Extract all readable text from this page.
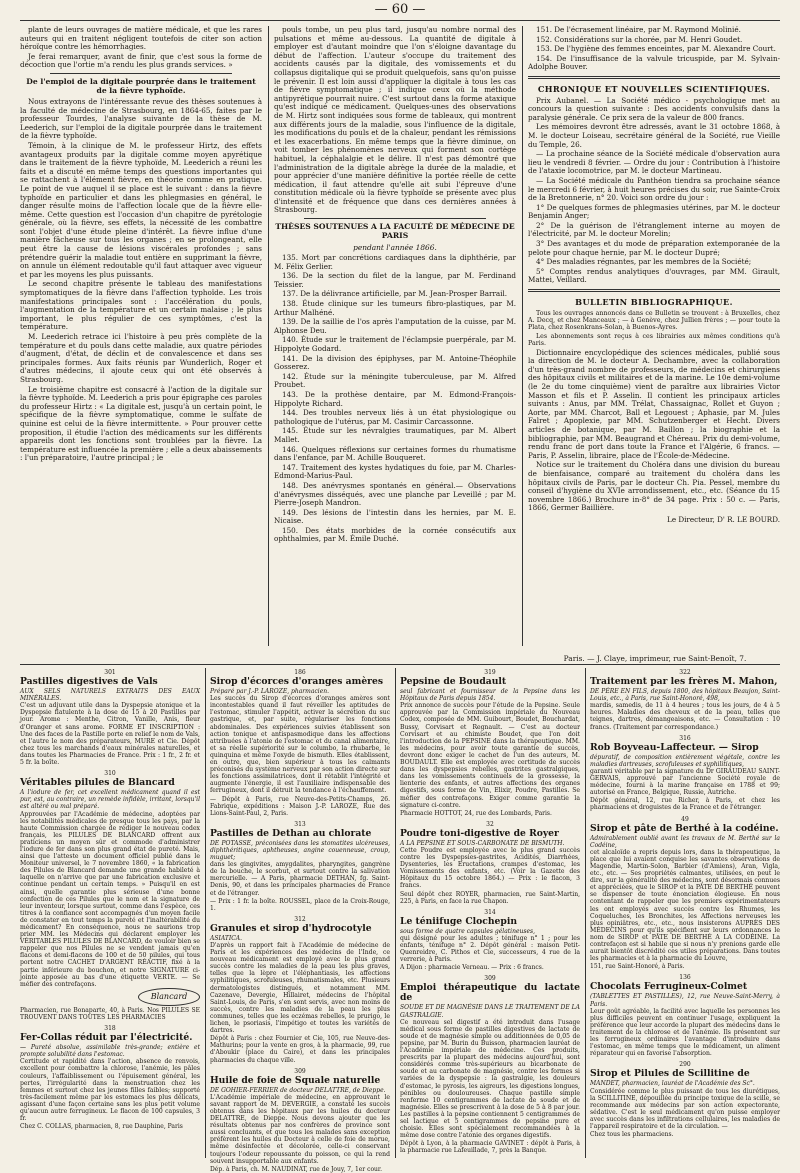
— 60 —

plante de leurs ouvrages de matière médicale, et que les rares auteurs qui en traitent négligent toutefois de citer son action héroïque contre les hémorrhagies.

Je ferai remarquer, avant de finir, que c'est sous la forme de décoction que l'ortie m'a rendu les plus grands services. »

De l'emploi de la digitale pourprée dans le traitement de la fièvre typhoïde.

Nous extrayons de l'intéressante revue des thèses soutenues à la faculté de médecine de Strasbourg, en 1864-65, faites par le professeur Tourdes, l'analyse suivante de la thèse de M. Leederich, sur l'emploi de la digitale pourprée dans le traitement de la fièvre typhoïde.

Témoin, à la clinique de M. le professeur Hirtz, des effets avantageux produits par la digitale comme moyen apyrétique dans le traitement de la fièvre typhoïde, M. Leederich a réuni les faits et a discuté en même temps des questions importantes qui se rattachent à l'élément fièvre, en théorie comme en pratique. Le point de vue auquel il se place est le suivant : dans la fièvre typhoïde en particulier et dans les phlegmasies en général, le danger résulte moins de l'affection locale que de la fièvre elle-même. Cette question est l'occasion d'un chapitre de pyrétologie générale, où la fièvre, ses effets, la nécessité de les combattre sont l'objet d'une étude pleine d'intérêt. La fièvre influe d'une manière fâcheuse sur tous les organes ; en se prolongeant, elle peut être la cause de lésions viscérales profondes ; sans prétendre guérir la maladie tout entière en supprimant la fièvre, on annule un élément redoutable qu'il faut attaquer avec vigueur et par les moyens les plus puissants.

Le second chapitre présente le tableau des manifestations symptomatiques de la fièvre dans l'affection typhoïde. Les trois manifestations principales sont : l'accélération du pouls, l'augmentation de la température et un certain malaise ; le plus important, le plus régulier de ces symptômes, c'est la température.

M. Leederich retrace ici l'histoire à peu près complète de la température et du pouls dans cette maladie, aux quatre périodes d'augment, d'état, de déclin et de convalescence et dans ses principales formes. Aux faits réunis par Wunderlich, Roger et d'autres médecins, il ajoute ceux qui ont été observés à Strasbourg.

Le troisième chapitre est consacré à l'action de la digitale sur la fièvre typhoïde. M. Leederich a pris pour épigraphe ces paroles du professeur Hirtz : « La digitale est, jusqu'à un certain point, le spécifique de la fièvre symptomatique, comme le sulfate de quinine est celui de la fièvre intermittente. » Pour prouver cette proposition, il étudie l'action des médicaments sur les différents appareils dont les fonctions sont troublées par la fièvre. La température est influencée la première ; elle a deux abaissements : l'un préparatoire, l'autre principal ; le

pouls tombe, un peu plus tard, jusqu'au nombre normal des pulsations et même au-dessous. La quantité de digitale à employer est d'autant moindre que l'on s'éloigne davantage du début de l'affection. L'auteur s'occupe du traitement des accidents causés par la digitale, des vomissements et du collapsus digitalique qui se produit quelquefois, sans qu'on puisse le prévenir. Il est loin aussi d'appliquer la digitale à tous les cas de fièvre symptomatique ; il indique ceux où la méthode antipyrétique pourrait nuire. C'est surtout dans la forme ataxique qu'est indiqué ce médicament. Quelques-unes des observations de M. Hirtz sont indiquées sous forme de tableaux, qui montrent aux différents jours de la maladie, sous l'influence de la digitale, les modifications du pouls et de la chaleur, pendant les rémissions et les exacerbations. En même temps que la fièvre diminue, on voit tomber les phénomènes nerveux qui forment son cortège habituel, la céphalalgie et le délire. Il n'est pas démontré que l'administration de la digitale abrège la durée de la maladie, et pour apprécier d'une manière définitive la portée réelle de cette médication, il faut attendre qu'elle ait subi l'épreuve d'une constitution médicale où la fièvre typhoïde se présente avec plus d'intensité et de fréquence que dans ces dernières années à Strasbourg.

THÈSES SOUTENUES A LA FACULTÉ DE MÉDECINE DE PARIS
pendant l'année 1866.

135. Mort par concrétions cardiaques dans la diphthérie, par M. Félix Gerlier.

136. De la section du filet de la langue, par M. Ferdinand Teissier.

137. De la délivrance artificielle, par M. Jean-Prosper Barrail.

138. Étude clinique sur les tumeurs fibro-plastiques, par M. Arthur Malhéné.

139. De la saillie de l'os après l'amputation de la cuisse, par M. Alphonse Deu.

140. Étude sur le traitement de l'éclampsie puerpérale, par M. Hippolyte Godard.

141. De la division des épiphyses, par M. Antoine-Théophile Gosserez.

142. Étude sur la méningite tuberculeuse, par M. Alfred Proubet.

143. De la prothèse dentaire, par M. Edmond-François-Hippolyte Richard.

144. Des troubles nerveux liés à un état physiologique ou pathologique de l'utérus, par M. Casimir Carcassonne.

145. Étude sur les névralgies traumatiques, par M. Albert Mallet.

146. Quelques réflexions sur certaines formes du rhumatisme dans l'enfance, par M. Achille Bouqueret.

147. Traitement des kystes hydatiques du foie, par M. Charles-Edmond-Marius-Paul.

148. Des anévrysmes spontanés en général.— Observations d'anévrysmes disséqués, avec une planche par Leveillé ; par M. Pierre-Joseph Mandron.

149. Des lésions de l'intestin dans les hernies, par M. E. Nicaise.

150. Des états morbides de la cornée consécutifs aux ophthalmies, par M. Émile Duché.

151. De l'écrasement linéaire, par M. Raymond Molinié.

152. Considérations sur la chorée, par M. Henri Goudet.

153. De l'hygiène des femmes enceintes, par M. Alexandre Court.

154. De l'insuffisance de la valvule tricuspide, par M. Sylvain-Adolphe Bouver.

CHRONIQUE ET NOUVELLES SCIENTIFIQUES.

Prix Aubanel. — La Société médico - psychologique met au concours la question suivante : Des accidents convulsifs dans la paralysie générale. Ce prix sera de la valeur de 800 francs.

Les mémoires devront être adressés, avant le 31 octobre 1868, à M. le docteur Loiseau, secrétaire général de la Société, rue Vieille du Temple, 26.

— La prochaine séance de la Société médicale d'observation aura lieu le vendredi 8 février. — Ordre du jour : Contribution à l'histoire de l'ataxie locomotrice, par M. le docteur Martineau.

— La Société médicale du Panthéon tiendra sa prochaine séance le mercredi 6 février, à huit heures précises du soir, rue Sainte-Croix de la Bretonnerie, n° 20. Voici son ordre du jour :

1° De quelques formes de phlegmasies utérines, par M. le docteur Benjamin Anger;

2° De la guérison de l'étranglement interne au moyen de l'électricité, par M. le docteur Morelin;

3° Des avantages et du mode de préparation extemporanée de la pelote pour chaque hernie, par M. le docteur Dupré;

4° Des maladies régnantes, par les membres de la Société;

5° Comptes rendus analytiques d'ouvrages, par MM. Girault, Mattei, Veillard.

BULLETIN BIBLIOGRAPHIQUE.

Tous les ouvrages annoncés dans ce Bulletin se trouvent : à Bruxelles, chez A. Decq, et chez Manceaux ; — à Genève, chez Jullien frères ; — pour toute la Plata, chez Rosenkrans-Solan, à Buenos-Ayres.

Les abonnements sont reçus à ces librairies aux mêmes conditions qu'à Paris.

Dictionnaire encyclopédique des sciences médicales, publié sous la direction de M. le docteur A. Dechambre, avec la collaboration d'un très-grand nombre de professeurs, de médecins et chirurgiens des hôpitaux civils et militaires et de la marine. Le 10e demi-volume (le 2e du tome cinquième) vient de paraître aux librairies Victor Masson et fils et P. Asselin. Il contient les principaux articles suivants : Anus, par MM. Trélat, Chassaignac, Rollet et Guyon ; Aorte, par MM. Charcot, Ball et Legouest ; Aphasie, par M. Jules Falret ; Apoplexie, par MM. Schutzenberger et Hecht. Divers articles de botanique, par M. Baillon ; la biographie et la bibliographie, par MM. Beaugrand et Chéreau. Prix du demi-volume, rendu franc de port dans toute la France et l'Algérie, 6 francs. — Paris, P. Asselin, libraire, place de l'École-de-Médecine.

Notice sur le traitement du Choléra dans une division du bureau de bienfaisance, comparé au traitement du choléra dans les hôpitaux civils de Paris, par le docteur Ch. Pia. Pessel, membre du conseil d'hygiène du XVIe arrondissement, etc., etc. (Séance du 15 novembre 1866.) Brochure in-8° de 34 page. Prix : 50 c. — Paris, 1866, Germer Baillière.

Le Directeur, D' R. LE BOURD.

Paris. — J. Claye, imprimeur, rue Saint-Benoît, 7.
301
Pastilles digestives de Vals
AUX SELS NATURELS EXTRAITS DES EAUX MINÉRALES.
C'est un adjuvant utile dans la Dyspepsie atonique et la Dyspepsie flatulente à la dose de 15 à 20 Pastilles par jour. Arome : Menthe, Citron, Vanille, Anis, fleur d'Oranger et sans arome. FORME ET INSCRIPTION : Une des faces de la Pastille porte en relief le nom de Vals, et l'autre le nom des préparateurs, MURE et Cie. Dépôt chez tous les marchands d'eaux minérales naturelles, et dans toutes les Pharmacies de France. Prix : 1 fr., 2 fr. et 5 fr. la boîte.
310
Véritables pilules de Blancard
A l'iodure de fer, cet excellent médicament quand il est pur, est, au contraire, un remède infidèle, irritant, lorsqu'il est altéré ou mal préparé.
Approuvées par l'Académie de médecine, adoptées par les notabilités médicales de presque tous les pays, par la haute Commission chargée de rédiger le nouveau codex français, les PILULES DE BLANCARD offrent aux praticiens un moyen sûr et commode d'administrer l'iodure de fer dans son plus grand état de pureté. Mais, ainsi que l'atteste un document officiel publié dans le Moniteur universel, le 7 novembre 1860, « la fabrication des Pilules de Blancard demande une grande habileté à laquelle on n'arrive que par une fabrication exclusive et continue pendant un certain temps. » Puisqu'il en est ainsi, quelle garantie plus sérieuse d'une bonne confection de ces Pilules que le nom et la signature de leur inventeur, lorsque surtout, comme dans l'espèce, ces titres à la confiance sont accompagnés d'un moyen facile de constater en tout temps la pureté et l'inaltérabilité du médicament? En conséquence, nous ne saurions trop prier MM. les Médecins qui déclarent employer les VÉRITABLES PILULES DE BLANCARD, de vouloir bien se rappeler que nos Pilules ne se vendent jamais qu'en flacons et demi-flacons de 100 et de 50 pilules, qui tous portent notre CACHET D'ARGENT RÉACTIF, fixé à la partie inférieure du bouchon, et notre SIGNATURE ci-jointe apposée au bas d'une étiquette VERTE. — Se méfier des contrefaçons.
Blancard
Pharmacien, rue Bonaparte, 40, à Paris. Nos PILULES SE TROUVENT DANS TOUTES LES PHARMACIES
318
Fer-Collas réduit par l'électricité.
— Pureté absolue, assimilable très-grande; entière et prompte solubilité dans l'estomac.
Certitude et rapidité dans l'action, absence de renvois, excellent pour combattre la chlorose, l'anémie, les pâles couleurs, l'affaiblissement ou l'épuisement général, les pertes, l'irrégularité dans la menstruation chez les femmes et surtout chez les jeunes filles faibles; supporté très-facilement même par les estomacs les plus délicats, agissant d'une façon certaine sans les plus petit volume qu'aucun autre ferrugineux. Le flacon de 100 capsules, 3 fr.
Chez C. COLLAS, pharmacien, 8, rue Dauphine, Paris
186
Sirop d'écorces d'oranges amères
Préparé par J.-P. LAROZE, pharmacien.
Les succès du Sirop d'écorces d'oranges amères sont incontestables quand il faut réveiller les aptitudes de l'estomac, stimuler l'appétit, activer la sécrétion du suc gastrique, et, par suite, régulariser les fonctions abdominales. Des expériences suivies établissent son action tonique et antispasmodique dans les affections attribuées à l'atonie de l'estomac et du canal alimentaire, et sa réelle supériorité sur le columbo, la rhubarbe, le quinquina et même l'oxyde de bismuth. Elles établissent, en outre, que, bien supérieur à tous les calmants préconisés du système nerveux par son action directe sur les fonctions assimilatrices, dont il rétablit l'intégrité et augmente l'énergie, il est l'auxiliaire indispensable des ferrugineux, dont il détruit la tendance à l'échauffement.
— Dépôt à Paris, rue Neuve-des-Petits-Champs, 26. Fabrique, expéditions : Maison J.-P. LAROZE, Rue des Lions-Saint-Paul, 2, Paris.
313
Pastilles de Dethan au chlorate
DE POTASSE, préconisées dans les stomatites ulcéreuses, diphthéritiques, aphtheuses, angine couenneuse, croup, muguet;
dans les gingivites, amygdalites, pharyngites, gangrène de la bouche, le scorbut, et surtout contre la salivation mercurielle. — A Paris, pharmacie DETHAN, fg. Saint-Denis, 90, et dans les principales pharmacies de France et de l'étranger.
— Prix : 1 fr. la boîte. ROUSSEL, place de la Croix-Rouge, 1.
312
Granules et sirop d'hydrocotyle
ASIATICA.
D'après un rapport fait à l'Académie de médecine de Paris et les expériences des médecins de l'Inde, ce nouveau médicament est employé avec le plus grand succès contre les maladies de la peau les plus graves, telles que la lèpre et l'éléphantiasis, les affections syphilitiques, scrofuleuses, rhumatismales, etc. Plusieurs dermatologistes distingués, et notamment MM. Cazenave, Devergie, Hillairet, médecins de l'hôpital Saint-Louis, de Paris, s'en sont servis, avec non moins de succès, contre les maladies de la peau les plus communes, telles que les eczémas rebelles, le prurigo, le lichen, le psoriasis, l'impétigo et toutes les variétés de dartres.
Dépôt à Paris : chez Fournier et Cie, 105, rue Neuve-des-Mathurins; pour la vente en gros, à la pharmacie, 99, rue d'Aboukir (place du Caire), et dans les principales pharmacies du chaque ville.
309
Huile de foie de Squale naturelle
DE GOHIER-FERRIER de docteur DELATTRE, de Dieppe.
L'Académie impériale de médecine, en approuvant le savant rapport de M. DEVERGIE, a constaté les succès obtenus dans les hôpitaux par les huiles du docteur DELATTRE, de Dieppe. Nous devons ajouter que les résultats obtenus par nos confrères de province sont aussi concluants, et que tous les malades sans exception préfèrent les huiles du Docteur à celle de foie de morue, même désinfectée et décolorée, celle-ci conservant toujours l'odeur repoussante du poisson, ce qui la rend souvent insupportable aux enfants.
Dép. à Paris, ch. M. NAUDINAT, rue de Jouy, 7, 1er cour.
319
Pepsine de Boudault
seul fabricant et fournisseur de la Pepsine dans les Hôpitaux de Paris depuis 1854.
Prix annonce de succès pour l'étude de la Pepsine. Seule approuvée par la Commission impériale du Nouveau Codex, composée de MM. Guibourt, Boudet, Bouchardat, Bussy, Corvisart et Regnault. — C'est au docteur Corvisart et au chimiste Boudet, que l'on doit l'introduction de la PEPSINE dans la thérapeutique. MM. les médecins, pour avoir toute garantie de succès, devront donc exiger le cachet de l'un des auteurs, M. BOUDAULT. Elle est employée avec certitude de succès dans les dyspepsies rebelles, gastrites gastralgiques, dans les vomissements continuels de la grossesse, la lienterie des enfants, et autres affections des organes digestifs, sous forme de Vin, Elixir, Poudre, Pastilles. Se méfier des contrefaçons. Exiger comme garantie la signature ci-contre.
Pharmacie HOTTOT, 24, rue des Lombards, Paris.
32
Poudre toni-digestive de Royer
A LA PEPSINE ET SOUS-CARBONATE DE BISMUTH.
Cette Poudre est employée avec le plus grand succès contre les Dyspepsies-gastrites, Acidités, Diarrhées, Dysenteries, les Eructations, crampes d'estomac, les Vomissements des enfants, etc. (Voir la Gazette des Hôpitaux du 15 octobre 1864.) — Prix : le flacon, 3 francs.
Seul dépôt chez ROYER, pharmacien, rue Saint-Martin, 225, à Paris, en face la rue Chapon.
314
Le téniifuge Clochepin
sous forme de quatre capsules gélatineuses,
qui désigné pour les adultes ; ténifuge n° 1 ; pour les enfants, ténifuge n° 2. Dépôt général : maison Petit-Quenreidre, C. Pithos et Cie, successeurs, 4 rue de la verrerie, à Paris.
A Dijon : pharmacie Verneau. — Prix : 6 francs.
309
Emploi thérapeutique du lactate de
SOUDE ET DE MAGNÉSIE DANS LE TRAITEMENT DE LA GASTRALGIE.
Ce nouveau sel digestif a été introduit dans l'usage médical sous forme de pastilles digestives de lactate de soude et de magnésie simple ou additionnées de 0,05 de pepsine, par M. Burin du Buisson, pharmacien lauréat de l'Académie impériale de médecine. Ces produits, prescrits par la plupart des médecins aujourd'hui, sont considérés comme très-supérieurs au bicarbonate de soude et au carbonate de magnésie, contre les formes si variées de la dyspepsie : la gastralgie, les douleurs d'estomac, le pyrosis, les aigreurs, les digestions longues, pénibles ou douloureuses. Chaque pastille simple renferme 10 centigrammes de lactate de soude et de magnésie. Elles se prescrivent à la dose de 5 à 8 par jour. Les pastilles à la pepsine contiennent 5 centigrammes de sel lactique et 5 centigrammes de pepsine pure et choisie. Elles sont spécialement recommandées à la même dose contre l'atonie des organes digestifs.
Dépôt à Lyon, à la pharmacie GAVINET : dépôt à Paris, à la pharmacie rue Lafeuillade, 7, près la Banque.
322
Traitement par les frères M. Mahon,
DE PÈRE EN FILS, depuis 1800, des hôpitaux Beaujon, Saint-Louis, etc., à Paris, rue Saint-Honoré, 498,
mardis, samedis, de 11 à 4 heures ; tous les jours, de 4 à 5 heures. Maladies des cheveux et de la peau, telles que teignes, dartres, démangeaisons, etc. — Consultation : 10 francs. (Traitement par correspondance.)
316
Rob Boyveau-Laffecteur. — Sirop
dépuratif, de composition entièrement végétale, contre les maladies dartreuses, scrofuleuses et syphilitiques,
garanti véritable par la signature du Dr GIRAUDEAU SAINT-GERVAIS, approuvé par l'ancienne Société royale de médecine, fourni à la marine française en 1788 et 99; autorisé en France, Belgique, Russie, Autriche.
Dépôt général, 12, rue Richer, à Paris, et chez les pharmaciens et droguistes de la France et de l'étranger.
49
Sirop et pâte de Berthé à la codéine.
Admirablement oublié avant les travaux de M. Berthé sur la Codéine,
cet alcaloïde a repris depuis lors, dans la thérapeutique, la place que lui avaient conquise les savantes observations de Magendie, Martin-Solon, Barbier (d'Amiens), Aran, Vigla, etc., etc. — Ses propriétés calmantes, utilisées, en peut le dire, sur la généralité des médecins, sont désormais connues et appréciées, que le SIROP et la PÂTE DE BERTHÉ peuvent se dispenser de toute énonciation élogieuse. En nous contentant de rappeler que les premiers expérimentateurs les ont employés avec succès contre les Rhumes, les Coqueluches, les Bronchites, les Affections nerveuses les plus opiniâtres, etc., etc., nous insisterons AUPRÈS DES MÉDECINS pour qu'ils spécifient sur leurs ordonnances le nom de SIROP et PÂTE DE BERTHÉ A LA CODÉINE. La contrefaçon est si habile que si nous n'y prenions garde elle aurait bientôt discrédité ces utiles préparations. Dans toutes les pharmacies et à la pharmacie du Louvre,
151, rue Saint-Honoré, à Paris.
136
Chocolats Ferrugineux-Colmet
(TABLETTES ET PASTILLES), 12, rue Neuve-Saint-Merry, à Paris.
Leur goût agréable, la facilité avec laquelle les personnes les plus difficiles peuvent en continuer l'usage, expliquent la préférence que leur accorde la plupart des médecins dans le traitement de la chlorose et de l'anémie. Ils présentent sur les ferrugineux ordinaires l'avantage d'introduire dans l'estomac, en même temps que le médicament, un aliment réparateur qui en favorise l'absorption.
290
Sirop et Pilules de Scillitine de
MANDET, pharmacien, lauréat de l'Académie des Sc°.
Considérée comme le plus puissant de tous les diurétiques, la SCILLITINE, dépouillée du principe toxique de la scille, se recommande aux médecins par son action expectorante, sédative. C'est le seul médicament qu'on puisse employer avec succès dans les infiltrations cellulaires, les maladies de l'appareil respiratoire et de la circulation. —
Chez tous les pharmaciens.
